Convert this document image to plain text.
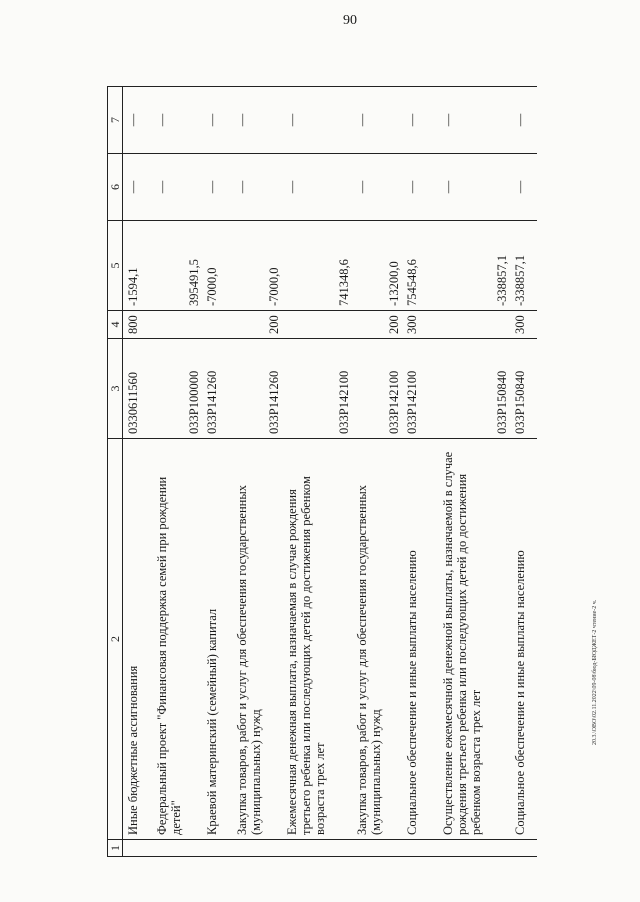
90
20.3.\ОВО\02.11.2022\09-08\бюд-БЮДЖЕТ-2 чтение-2 ч.
1	2	3	4	5	6	7
	Иные бюджетные ассигнования	0330611560	800	-1594,1	—	—
	Федеральный проект "Финансовая поддержка семей при рождении детей"	033P100000		395491,5	—	—
	Краевой материнский (семейный) капитал	033P141260		-7000,0	—	—
	Закупка товаров, работ и услуг для обеспечения государственных (муниципальных) нужд	033P141260	200	-7000,0	—	—
	Ежемесячная денежная выплата, назначаемая в случае рождения третьего ребенка или последующих детей до достижения ребенком возраста трех лет	033P142100		741348,6	—	—
	Закупка товаров, работ и услуг для обеспечения государственных (муниципальных) нужд	033P142100	200	-13200,0	—	—
	Социальное обеспечение и иные выплаты населению	033P142100	300	754548,6	—	—
	Осуществление ежемесячной денежной выплаты, назначаемой в случае рождения третьего ребенка или последующих детей до достижения ребенком возраста трех лет	033P150840		-338857,1	—	—
	Социальное обеспечение и иные выплаты населению	033P150840	300	-338857,1	—	—
